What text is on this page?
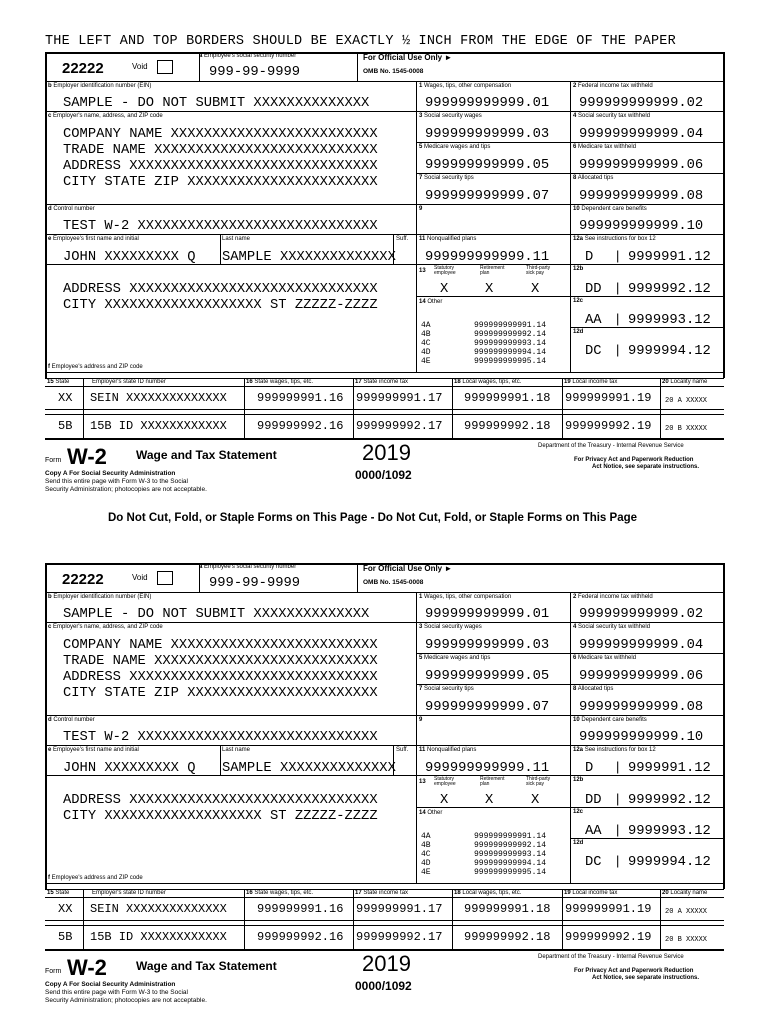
THE LEFT AND TOP BORDERS SHOULD BE EXACTLY ½ INCH FROM THE EDGE OF THE PAPER
22222	Void
a Employee's social security number
999-99-9999
For Official Use Only ►
OMB No. 1545-0008
b Employer identification number (EIN)
SAMPLE - DO NOT SUBMIT XXXXXXXXXXXXXX
c Employer's name, address, and ZIP code
COMPANY NAME XXXXXXXXXXXXXXXXXXXXXXXXX
TRADE NAME XXXXXXXXXXXXXXXXXXXXXXXXXXX
ADDRESS XXXXXXXXXXXXXXXXXXXXXXXXXXXXXX
CITY STATE ZIP XXXXXXXXXXXXXXXXXXXXXXX
d Control number
TEST W-2 XXXXXXXXXXXXXXXXXXXXXXXXXXXXX
e Employee's first name and initial	Last name	Suff.
JOHN XXXXXXXXX Q SAMPLE XXXXXXXXXXXXXX
ADDRESS XXXXXXXXXXXXXXXXXXXXXXXXXXXXXX
CITY XXXXXXXXXXXXXXXXXXX ST ZZZZZ-ZZZZ
f Employee's address and ZIP code
1 Wages, tips, other compensation
999999999999.01
3 Social security wages
999999999999.03
5 Medicare wages and tips
999999999999.05
7 Social security tips
999999999999.07
9
11 Nonqualified plans
999999999999.11
13 Statutory employee
Retirement plan
Third-party sick pay
X	X	X
14 Other
4A	999999999991.14
4B	999999999992.14
4C	999999999993.14
4D	999999999994.14
4E	999999999995.14
2 Federal income tax withheld
999999999999.02
4 Social security tax withheld
999999999999.04
6 Medicare tax withheld
999999999999.06
8 Allocated tips
999999999999.08
10 Dependent care benefits
999999999999.10
12a See instructions for box 12
D | 9999991.12
12b
DD | 9999992.12
12c
AA | 9999993.12
12d
DC | 9999994.12
15 State	Employer's state ID number	16 State wages, tips, etc.	17 State income tax	18 Local wages, tips, etc.	19 Local income tax	20 Locality name
XX SEIN XXXXXXXXXXXXXX	999999991.16 999999991.17 999999991.18 999999991.19 20 A XXXXX
5B 15B ID XXXXXXXXXXXX	999999992.16 999999992.17 999999992.18 999999992.19 20 B XXXXX
Form W-2 Wage and Tax Statement	2019
0000/1092
Department of the Treasury - Internal Revenue Service
For Privacy Act and Paperwork Reduction
Act Notice, see separate instructions.
Copy A For Social Security Administration
Send this entire page with Form W-3 to the Social
Security Administration; photocopies are not acceptable.
Do Not Cut, Fold, or Staple Forms on This Page - Do Not Cut, Fold, or Staple Forms on This Page
22222	Void
a Employee's social security number
999-99-9999
For Official Use Only ►
OMB No. 1545-0008
b Employer identification number (EIN)
SAMPLE - DO NOT SUBMIT XXXXXXXXXXXXXX
c Employer's name, address, and ZIP code
COMPANY NAME XXXXXXXXXXXXXXXXXXXXXXXXX
TRADE NAME XXXXXXXXXXXXXXXXXXXXXXXXXXX
ADDRESS XXXXXXXXXXXXXXXXXXXXXXXXXXXXXX
CITY STATE ZIP XXXXXXXXXXXXXXXXXXXXXXX
d Control number
TEST W-2 XXXXXXXXXXXXXXXXXXXXXXXXXXXXX
e Employee's first name and initial	Last name	Suff.
JOHN XXXXXXXXX Q SAMPLE XXXXXXXXXXXXXX
ADDRESS XXXXXXXXXXXXXXXXXXXXXXXXXXXXXX
CITY XXXXXXXXXXXXXXXXXXX ST ZZZZZ-ZZZZ
f Employee's address and ZIP code
1 Wages, tips, other compensation
999999999999.01
3 Social security wages
999999999999.03
5 Medicare wages and tips
999999999999.05
7 Social security tips
999999999999.07
9
11 Nonqualified plans
999999999999.11
13 Statutory employee
Retirement plan
Third-party sick pay
X	X	X
14 Other
4A	999999999991.14
4B	999999999992.14
4C	999999999993.14
4D	999999999994.14
4E	999999999995.14
2 Federal income tax withheld
999999999999.02
4 Social security tax withheld
999999999999.04
6 Medicare tax withheld
999999999999.06
8 Allocated tips
999999999999.08
10 Dependent care benefits
999999999999.10
12a See instructions for box 12
D | 9999991.12
12b
DD | 9999992.12
12c
AA | 9999993.12
12d
DC | 9999994.12
15 State	Employer's state ID number	16 State wages, tips, etc.	17 State income tax	18 Local wages, tips, etc.	19 Local income tax	20 Locality name
XX SEIN XXXXXXXXXXXXXX	999999991.16 999999991.17 999999991.18 999999991.19 20 A XXXXX
5B 15B ID XXXXXXXXXXXX	999999992.16 999999992.17 999999992.18 999999992.19 20 B XXXXX
Form W-2 Wage and Tax Statement	2019
0000/1092
Department of the Treasury - Internal Revenue Service
For Privacy Act and Paperwork Reduction
Act Notice, see separate instructions.
Copy A For Social Security Administration
Send this entire page with Form W-3 to the Social
Security Administration; photocopies are not acceptable.
